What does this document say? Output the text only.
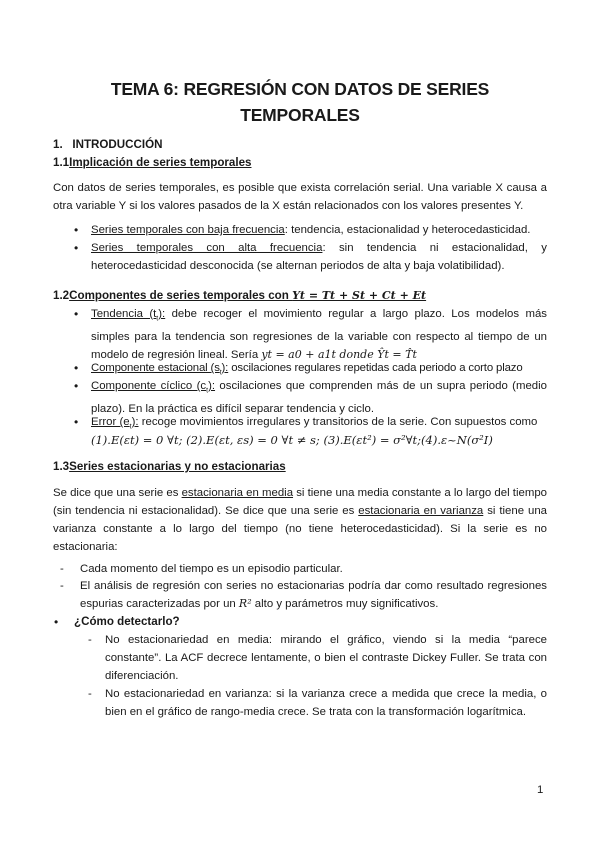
TEMA 6: REGRESIÓN CON DATOS DE SERIES
TEMPORALES
1. INTRODUCCIÓN
1.1Implicación de series temporales
Con datos de series temporales, es posible que exista correlación serial. Una variable X causa a otra variable Y si los valores pasados de la X están relacionados con los valores presentes Y.
• Series temporales con baja frecuencia: tendencia, estacionalidad y heterocedasticidad.
• Series temporales con alta frecuencia: sin tendencia ni estacionalidad, y heterocedasticidad desconocida (se alternan periodos de alta y baja volatibilidad).
1.2Componentes de series temporales con Yt = Tt + St + Ct + Et
• Tendencia $(t_t)$: debe recoger el movimiento regular a largo plazo. Los modelos más simples para la tendencia son regresiones de la variable con respecto al tiempo de un modelo de regresión lineal. Sería yt = a0 + a1t donde Ŷt = T̂t
• Componente estacional $(s_t)$: oscilaciones regulares repetidas cada periodo a corto plazo
• Componente cíclico $(c_t)$: oscilaciones que comprenden más de un supra periodo (medio plazo). En la práctica es difícil separar tendencia y ciclo.
• Error $(e_t)$: recoge movimientos irregulares y transitorios de la serie. Con supuestos como
(1).E(εt) = 0 ∀t; (2).E(εt, εs) = 0 ∀t ≠ s; (3).E(εt²) = σ²∀t;(4).ε~N(σ²I)
1.3Series estacionarias y no estacionarias
Se dice que una serie es estacionaria en media si tiene una media constante a lo largo del tiempo (sin tendencia ni estacionalidad). Se dice que una serie es estacionaria en varianza si tiene una varianza constante a lo largo del tiempo (no tiene heterocedasticidad). Si la serie es no estacionaria:
- Cada momento del tiempo es un episodio particular.
- El análisis de regresión con series no estacionarias podría dar como resultado regresiones espurias caracterizadas por un R² alto y parámetros muy significativos.
• ¿Cómo detectarlo?
- No estacionariedad en media: mirando el gráfico, viendo si la media “parece constante”. La ACF decrece lentamente, o bien el contraste Dickey Fuller. Se trata con diferenciación.
- No estacionariedad en varianza: si la varianza crece a medida que crece la media, o bien en el gráfico de rango-media crece. Se trata con la transformación logarítmica.
1
